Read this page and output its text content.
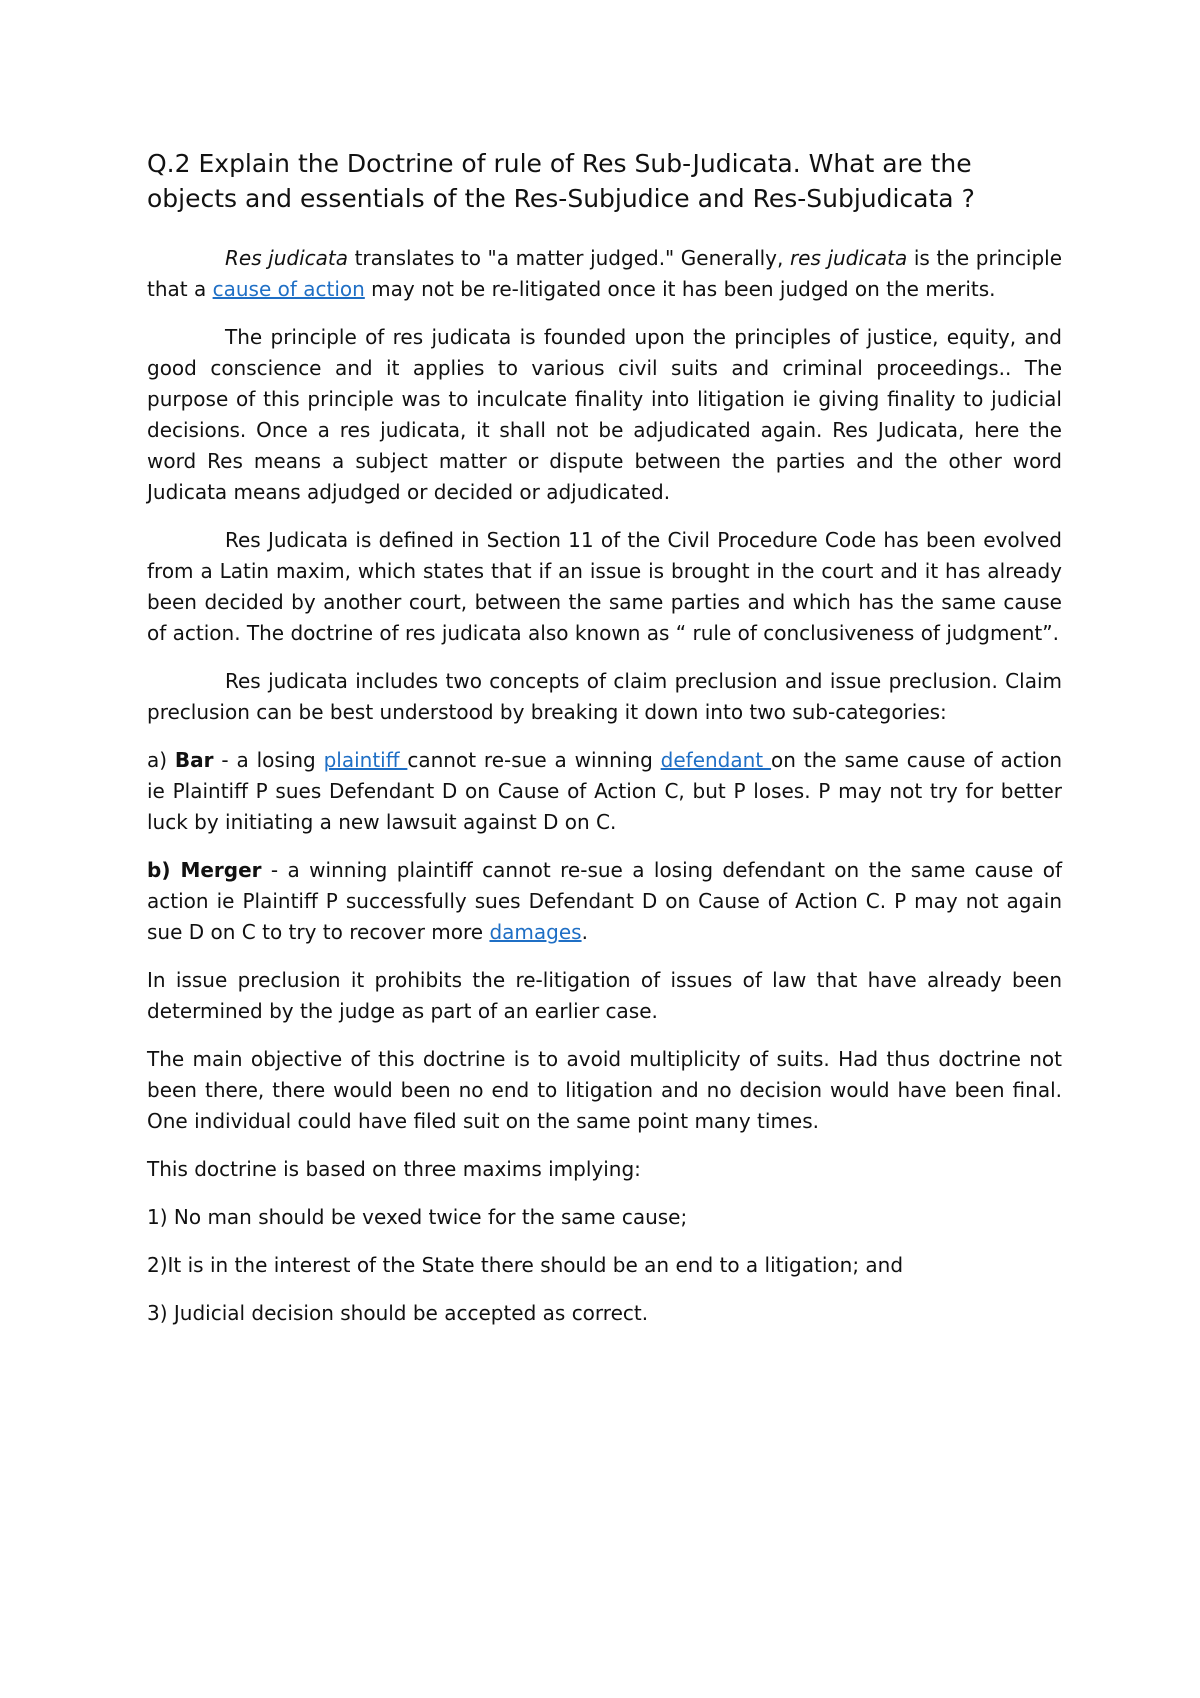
Q.2 Explain the Doctrine of rule of Res Sub-Judicata. What are the objects and essentials of the Res-Subjudice and Res-Subjudicata ?

Res judicata translates to "a matter judged." Generally, res judicata is the principle that a cause of action may not be re-litigated once it has been judged on the merits.

The principle of res judicata is founded upon the principles of justice, equity, and good conscience and it applies to various civil suits and criminal proceedings.. The purpose of this principle was to inculcate finality into litigation ie giving finality to judicial decisions. Once a res judicata, it shall not be adjudicated again. Res Judicata, here the word Res means a subject matter or dispute between the parties and the other word Judicata means adjudged or decided or adjudicated.

Res Judicata is defined in Section 11 of the Civil Procedure Code has been evolved from a Latin maxim, which states that if an issue is brought in the court and it has already been decided by another court, between the same parties and which has the same cause of action. The doctrine of res judicata also known as “ rule of conclusiveness of judgment”.

Res judicata includes two concepts of claim preclusion and issue preclusion. Claim preclusion can be best understood by breaking it down into two sub-categories:

a) Bar - a losing plaintiff cannot re-sue a winning defendant on the same cause of action ie Plaintiff P sues Defendant D on Cause of Action C, but P loses. P may not try for better luck by initiating a new lawsuit against D on C.

b) Merger - a winning plaintiff cannot re-sue a losing defendant on the same cause of action ie Plaintiff P successfully sues Defendant D on Cause of Action C. P may not again sue D on C to try to recover more damages.

In issue preclusion it prohibits the re-litigation of issues of law that have already been determined by the judge as part of an earlier case.

The main objective of this doctrine is to avoid multiplicity of suits. Had thus doctrine not been there, there would been no end to litigation and no decision would have been final. One individual could have filed suit on the same point many times.

This doctrine is based on three maxims implying:

1) No man should be vexed twice for the same cause;

2)It is in the interest of the State there should be an end to a litigation; and

3) Judicial decision should be accepted as correct.
